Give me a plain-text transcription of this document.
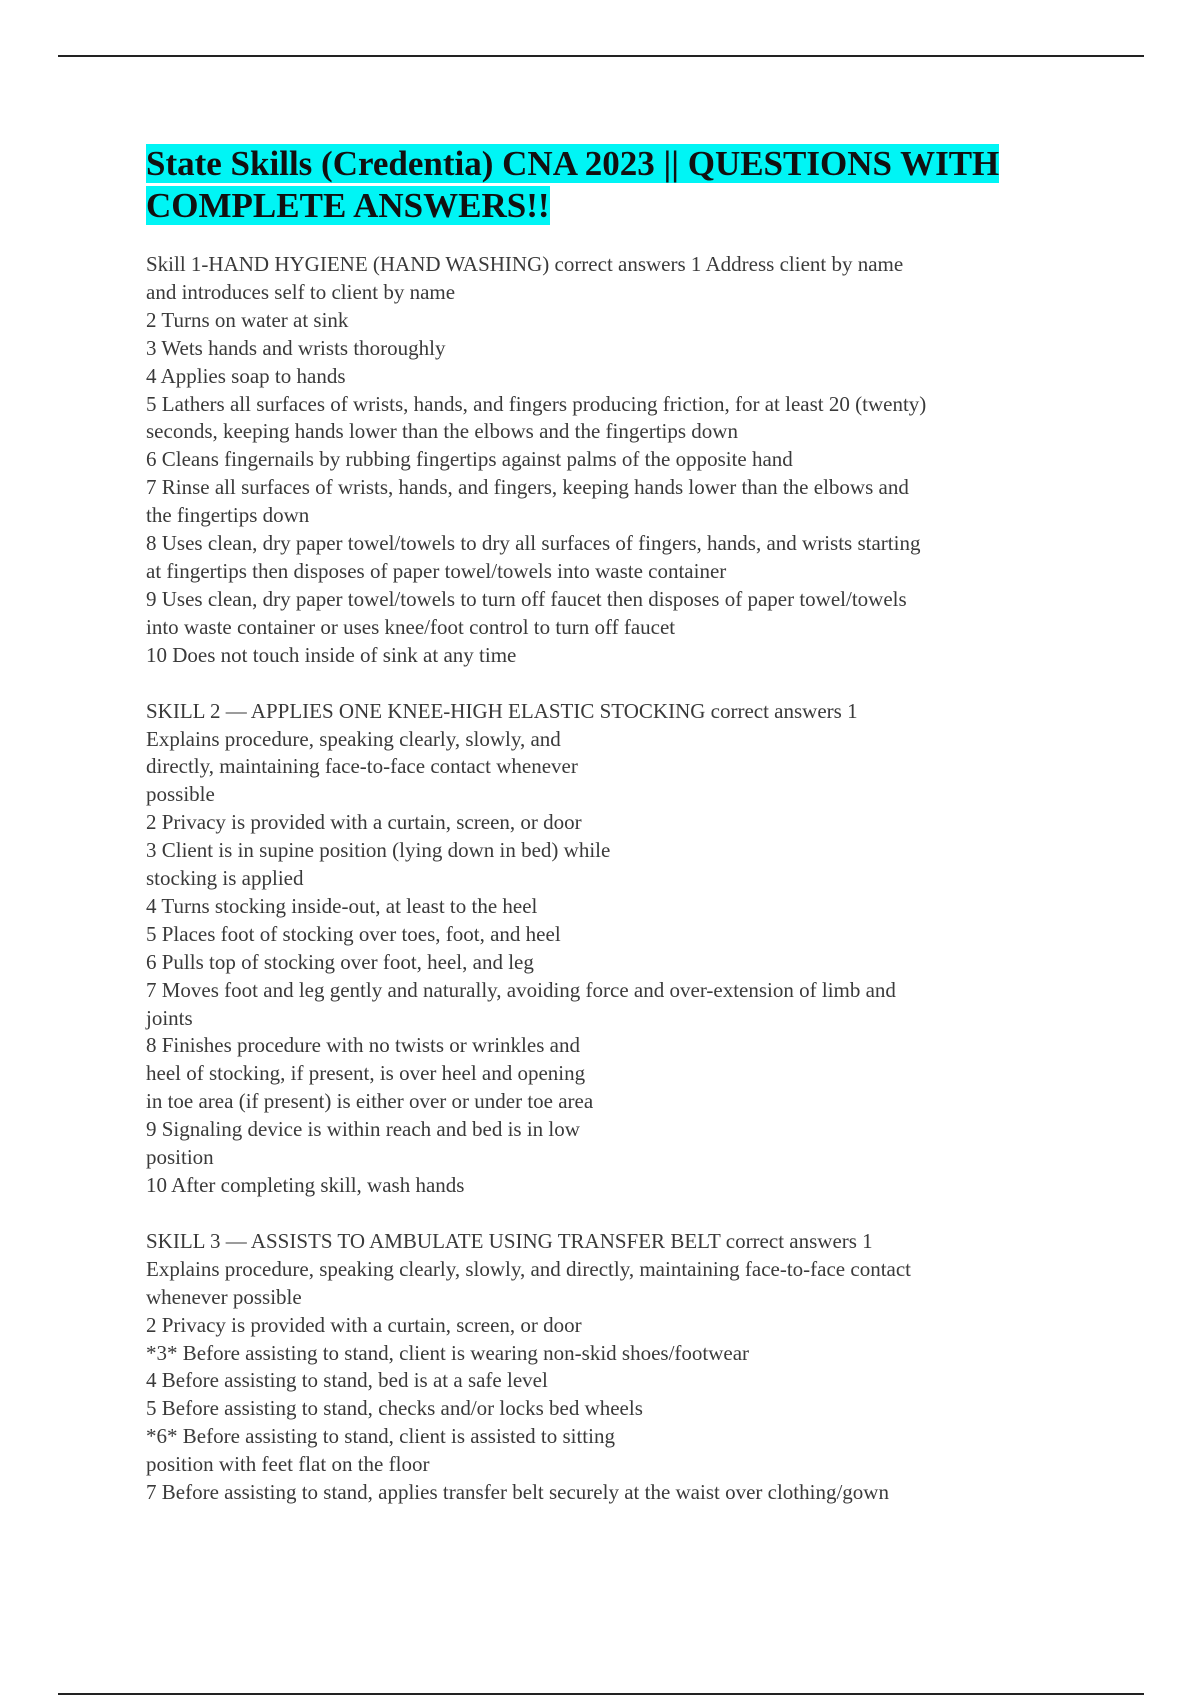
State Skills (Credentia) CNA 2023 || QUESTIONS WITH COMPLETE ANSWERS!!
Skill 1-HAND HYGIENE (HAND WASHING) correct answers 1 Address client by name
and introduces self to client by name
2 Turns on water at sink
3 Wets hands and wrists thoroughly
4 Applies soap to hands
5 Lathers all surfaces of wrists, hands, and fingers producing friction, for at least 20 (twenty)
seconds, keeping hands lower than the elbows and the fingertips down
6 Cleans fingernails by rubbing fingertips against palms of the opposite hand
7 Rinse all surfaces of wrists, hands, and fingers, keeping hands lower than the elbows and
the fingertips down
8 Uses clean, dry paper towel/towels to dry all surfaces of fingers, hands, and wrists starting
at fingertips then disposes of paper towel/towels into waste container
9 Uses clean, dry paper towel/towels to turn off faucet then disposes of paper towel/towels
into waste container or uses knee/foot control to turn off faucet
10 Does not touch inside of sink at any time
SKILL 2 — APPLIES ONE KNEE-HIGH ELASTIC STOCKING correct answers 1
Explains procedure, speaking clearly, slowly, and
directly, maintaining face-to-face contact whenever
possible
2 Privacy is provided with a curtain, screen, or door
3 Client is in supine position (lying down in bed) while
stocking is applied
4 Turns stocking inside-out, at least to the heel
5 Places foot of stocking over toes, foot, and heel
6 Pulls top of stocking over foot, heel, and leg
7 Moves foot and leg gently and naturally, avoiding force and over-extension of limb and
joints
8 Finishes procedure with no twists or wrinkles and
heel of stocking, if present, is over heel and opening
in toe area (if present) is either over or under toe area
9 Signaling device is within reach and bed is in low
position
10 After completing skill, wash hands
SKILL 3 — ASSISTS TO AMBULATE USING TRANSFER BELT correct answers 1
Explains procedure, speaking clearly, slowly, and directly, maintaining face-to-face contact
whenever possible
2 Privacy is provided with a curtain, screen, or door
*3* Before assisting to stand, client is wearing non-skid shoes/footwear
4 Before assisting to stand, bed is at a safe level
5 Before assisting to stand, checks and/or locks bed wheels
*6* Before assisting to stand, client is assisted to sitting
position with feet flat on the floor
7 Before assisting to stand, applies transfer belt securely at the waist over clothing/gown
